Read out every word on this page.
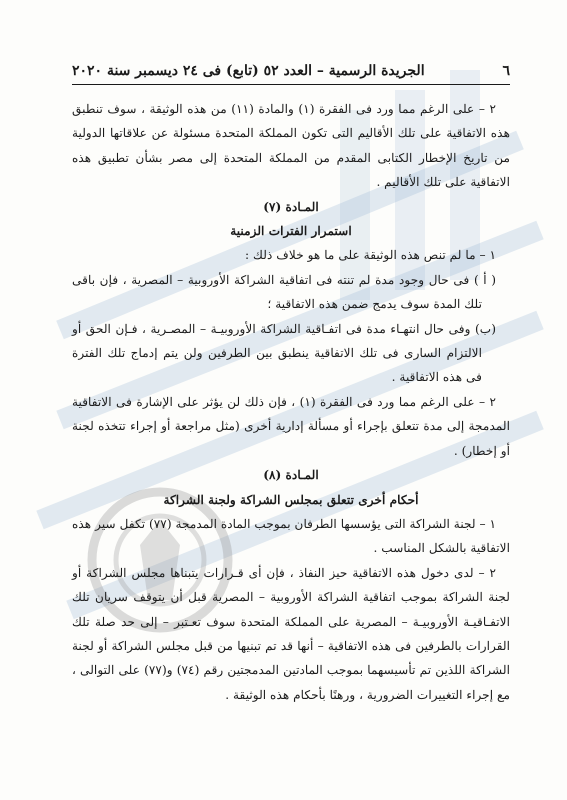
٦
الجريدة الرسمية – العدد ٥٢ (تابع) فى ٢٤ ديسمبر سنة ٢٠٢٠

٢ – على الرغم مما ورد فى الفقرة (١) والمادة (١١) من هذه الوثيقة ، سوف تنطبق هذه الاتفاقية على تلك الأقاليم التى تكون المملكة المتحدة مسئولة عن علاقاتها الدولية من تاريخ الإخطار الكتابى المقدم من المملكة المتحدة إلى مصر بشأن تطبيق هذه الاتفاقية على تلك الأقاليم .

المـادة (٧)

استمرار الفترات الزمنية

١ – ما لم تنص هذه الوثيقة على ما هو خلاف ذلك :

( أ ) فى حال وجود مدة لم تنته فى اتفاقية الشراكة الأوروبية – المصرية ، فإن باقى تلك المدة سوف يدمج ضمن هذه الاتفاقية ؛

(ب) وفى حال انتهـاء مدة فى اتفـاقية الشراكة الأوروبيـة – المصـرية ، فـإن الحق أو الالتزام السارى فى تلك الاتفاقية ينطبق بين الطرفين ولن يتم إدماج تلك الفترة فى هذه الاتفاقية .

٢ – على الرغم مما ورد فى الفقرة (١) ، فإن ذلك لن يؤثر على الإشارة فى الاتفاقية المدمجة إلى مدة تتعلق بإجراء أو مسألة إدارية أخرى (مثل مراجعة أو إجراء تتخذه لجنة أو إخطار) .

المـادة (٨)

أحكام أخرى تتعلق بمجلس الشراكة ولجنة الشراكة

١ – لجنة الشراكة التى يؤسسها الطرفان بموجب المادة المدمجة (٧٧) تكفل سير هذه الاتفاقية بالشكل المناسب .

٢ – لدى دخول هذه الاتفاقية حيز النفاذ ، فإن أى قـرارات يتبناها مجلس الشراكة أو لجنة الشراكة بموجب اتفاقية الشراكة الأوروبية – المصرية قبل أن يتوقف سريان تلك الاتفـاقيـة الأوروبيـة – المصرية على المملكة المتحدة سوف تعـتبر – إلى حد صلة تلك القرارات بالطرفين فى هذه الاتفاقية – أنها قد تم تبنيها من قبل مجلس الشراكة أو لجنة الشراكة اللذين تم تأسيسهما بموجب المادتين المدمجتين رقم (٧٤) و(٧٧) على التوالى ، مع إجراء التغييرات الضرورية ، ورهنًا بأحكام هذه الوثيقة .
